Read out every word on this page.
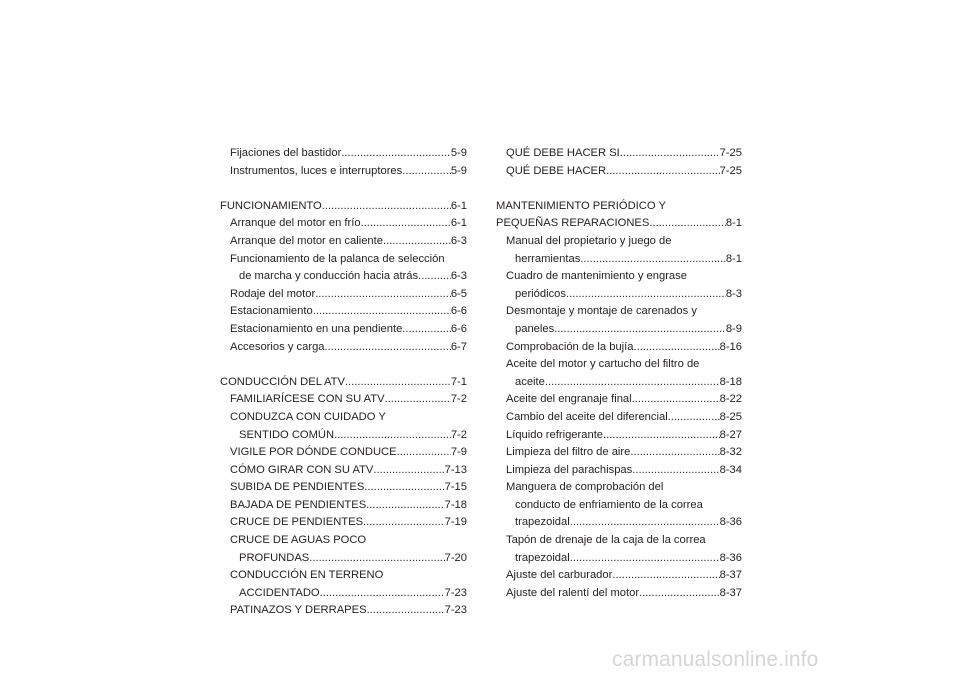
Fijaciones del bastidor .....	5-9
Instrumentos, luces e interruptores .....	5-9
FUNCIONAMIENTO .....	6-1
Arranque del motor en frío .....	6-1
Arranque del motor en caliente .....	6-3
Funcionamiento de la palanca de selección
de marcha y conducción hacia atrás .....	6-3
Rodaje del motor .....	6-5
Estacionamiento .....	6-6
Estacionamiento en una pendiente .....	6-6
Accesorios y carga .....	6-7
CONDUCCIÓN DEL ATV .....	7-1
FAMILIARÍCESE CON SU ATV .....	7-2
CONDUZCA CON CUIDADO Y
SENTIDO COMÚN .....	7-2
VIGILE POR DÓNDE CONDUCE .....	7-9
CÓMO GIRAR CON SU ATV .....	7-13
SUBIDA DE PENDIENTES .....	7-15
BAJADA DE PENDIENTES .....	7-18
CRUCE DE PENDIENTES .....	7-19
CRUCE DE AGUAS POCO
PROFUNDAS .....	7-20
CONDUCCIÓN EN TERRENO
ACCIDENTADO .....	7-23
PATINAZOS Y DERRAPES .....	7-23
QUÉ DEBE HACER SI... .....	7-25
QUÉ DEBE HACER .....	7-25
MANTENIMIENTO PERIÓDICO Y
PEQUEÑAS REPARACIONES .....	8-1
Manual del propietario y juego de
herramientas .....	8-1
Cuadro de mantenimiento y engrase
periódicos .....	8-3
Desmontaje y montaje de carenados y
paneles .....	8-9
Comprobación de la bujía .....	8-16
Aceite del motor y cartucho del filtro de
aceite .....	8-18
Aceite del engranaje final .....	8-22
Cambio del aceite del diferencial .....	8-25
Líquido refrigerante .....	8-27
Limpieza del filtro de aire .....	8-32
Limpieza del parachispas .....	8-34
Manguera de comprobación del
conducto de enfriamiento de la correa
trapezoidal .....	8-36
Tapón de drenaje de la caja de la correa
trapezoidal .....	8-36
Ajuste del carburador .....	8-37
Ajuste del ralentí del motor .....	8-37
carmanualsonline.info
